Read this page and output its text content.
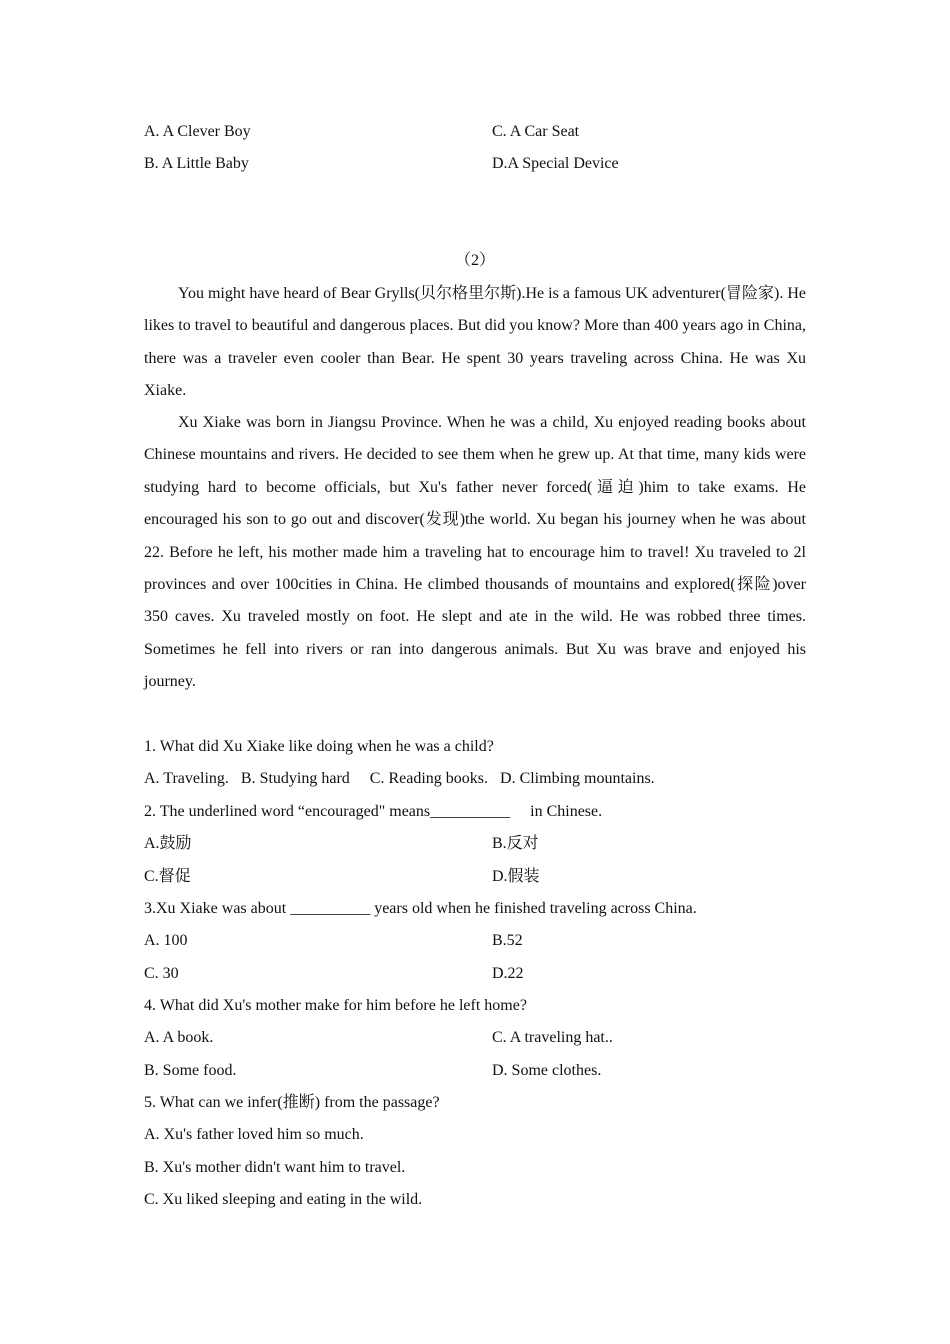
A. A Clever Boy	C. A Car Seat
B. A Little Baby	D.A Special Device
（2）

You might have heard of Bear Grylls(贝尔格里尔斯).He is a famous UK adventurer(冒险家). He likes to travel to beautiful and dangerous places. But did you know? More than 400 years ago in China, there was a traveler even cooler than Bear. He spent 30 years traveling across China. He was Xu Xiake.

Xu Xiake was born in Jiangsu Province. When he was a child, Xu enjoyed reading books about Chinese mountains and rivers. He decided to see them when he grew up. At that time, many kids were studying hard to become officials, but Xu's father never forced(逼迫)him to take exams. He encouraged his son to go out and discover(发现)the world. Xu began his journey when he was about 22. Before he left, his mother made him a traveling hat to encourage him to travel! Xu traveled to 2l provinces and over 100cities in China. He climbed thousands of mountains and explored(探险)over 350 caves. Xu traveled mostly on foot. He slept and ate in the wild. He was robbed three times. Sometimes he fell into rivers or ran into dangerous animals. But Xu was brave and enjoyed his journey.

1. What did Xu Xiake like doing when he was a child?
A. Traveling.   B. Studying hard     C. Reading books.   D. Climbing mountains.
2. The underlined word “encouraged" means__________     in Chinese.
A.鼓励	B.反对
C.督促	D.假装
3.Xu Xiake was about __________ years old when he finished traveling across China.
A. 100	B.52
C. 30	D.22
4. What did Xu's mother make for him before he left home?
A. A book.	C. A traveling hat..
B. Some food.	D. Some clothes.
5. What can we infer(推断) from the passage?
A. Xu's father loved him so much.
B. Xu's mother didn't want him to travel.
C. Xu liked sleeping and eating in the wild.
